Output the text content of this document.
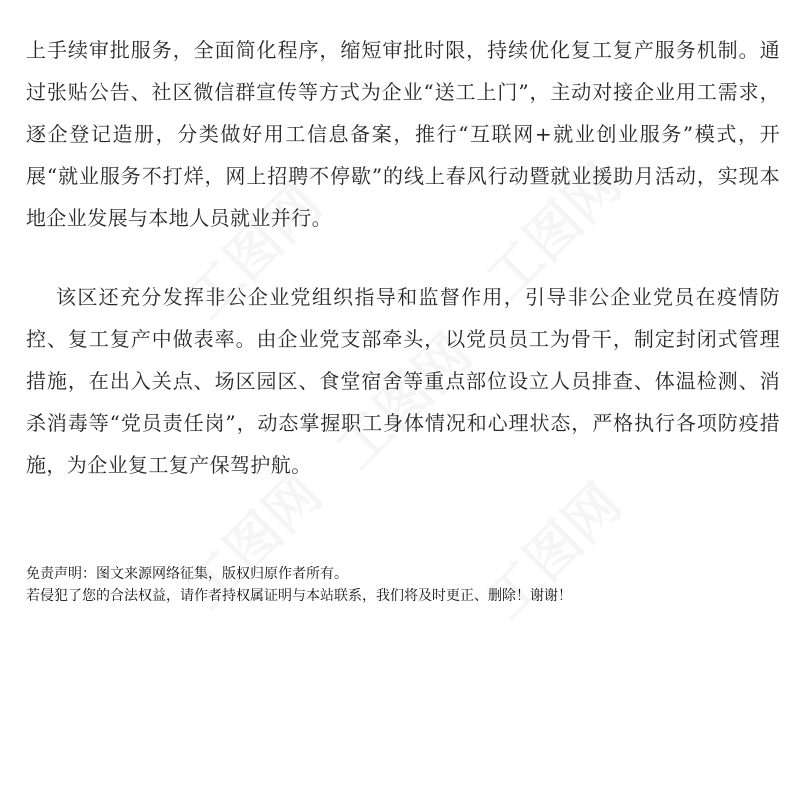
上手续审批服务，全面简化程序，缩短审批时限，持续优化复工复产服务机制。通过张贴公告、社区微信群宣传等方式为企业“送工上门”，主动对接企业用工需求，逐企登记造册，分类做好用工信息备案，推行“互联网+就业创业服务”模式，开展“就业服务不打烊，网上招聘不停歇”的线上春风行动暨就业援助月活动，实现本地企业发展与本地人员就业并行。

该区还充分发挥非公企业党组织指导和监督作用，引导非公企业党员在疫情防控、复工复产中做表率。由企业党支部牵头，以党员员工为骨干，制定封闭式管理措施，在出入关点、场区园区、食堂宿舍等重点部位设立人员排查、体温检测、消杀消毒等“党员责任岗”，动态掌握职工身体情况和心理状态，严格执行各项防疫措施，为企业复工复产保驾护航。

免责声明：图文来源网络征集，版权归原作者所有。
若侵犯了您的合法权益，请作者持权属证明与本站联系，我们将及时更正、删除！谢谢！
